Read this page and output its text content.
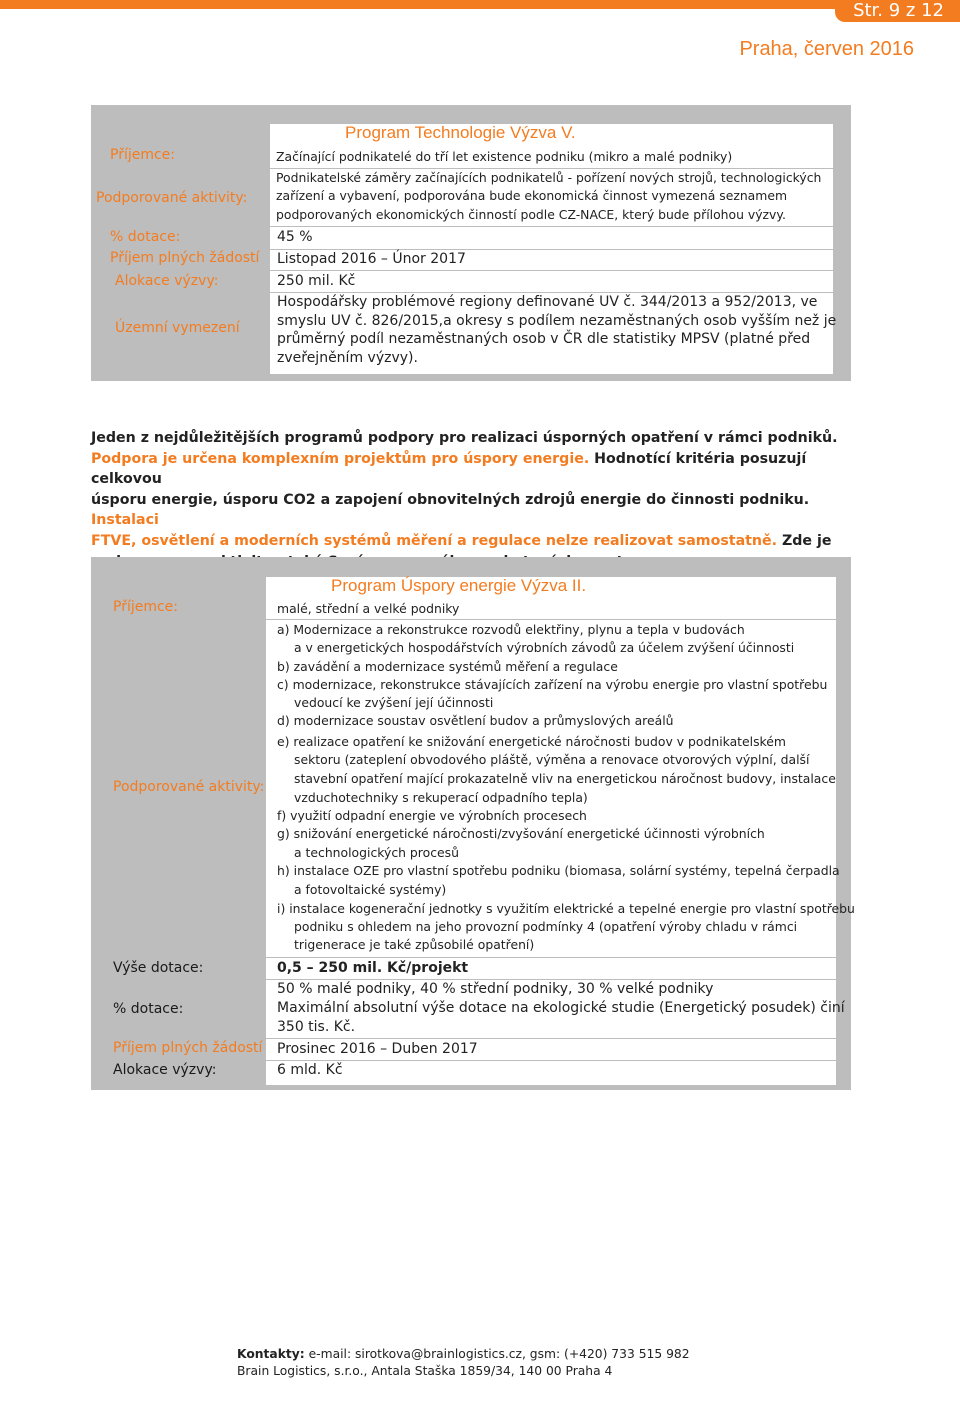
Str. 9 z 12
Praha, červen 2016
Program Technologie Výzva V.
Příjemce:	Začínající podnikatelé do tří let existence podniku (mikro a malé podniky)
Podporované aktivity:
Podnikatelské záměry začínajících podnikatelů - pořízení nových strojů, technologických
zařízení a vybavení, podporována bude ekonomická činnost vymezená seznamem
podporovaných ekonomických činností podle CZ-NACE, který bude přílohou výzvy.
% dotace:	45 %
Příjem plných žádostí Listopad 2016 – Únor 2017
Alokace výzvy:	250 mil. Kč
Územní vymezení
Hospodářsky problémové regiony definované UV č. 344/2013 a 952/2013, ve
smyslu UV č. 826/2015,a okresy s podílem nezaměstnaných osob vyšším než je
průměrný podíl nezaměstnaných osob v ČR dle statistiky MPSV (platné před
zveřejněním výzvy).
Jeden z nejdůležitějších programů podpory pro realizaci úsporných opatření v rámci podniků.
Podpora je určena komplexním projektům pro úspory energie. Hodnotící kritéria posuzují celkovou
úsporu energie, úsporu CO2 a zapojení obnovitelných zdrojů energie do činnosti podniku. Instalaci
FTVE, osvětlení a moderních systémů měření a regulace nelze realizovat samostatně. Zde je
Program Úspory energie Výzva II.
Příjemce:	malé, střední a velké podniky
Podporované aktivity:
a) Modernizace a rekonstrukce rozvodů elektřiny, plynu a tepla v budovách
a v energetických hospodářstvích výrobních závodů za účelem zvýšení účinnosti
b) zavádění a modernizace systémů měření a regulace
c) modernizace, rekonstrukce stávajících zařízení na výrobu energie pro vlastní spotřebu
vedoucí ke zvýšení její účinnosti
d) modernizace soustav osvětlení budov a průmyslových areálů
e) realizace opatření ke snižování energetické náročnosti budov v podnikatelském
sektoru (zateplení obvodového pláště, výměna a renovace otvorových výplní, další
stavební opatření mající prokazatelně vliv na energetickou náročnost budovy, instalace
vzduchotechniky s rekuperací odpadního tepla)
f) využití odpadní energie ve výrobních procesech
g) snižování energetické náročnosti/zvyšování energetické účinnosti výrobních
a technologických procesů
h) instalace OZE pro vlastní spotřebu podniku (biomasa, solární systémy, tepelná čerpadla
a fotovoltaické systémy)
i) instalace kogenerační jednotky s využitím elektrické a tepelné energie pro vlastní spotřebu
podniku s ohledem na jeho provozní podmínky 4 (opatření výroby chladu v rámci
trigenerace je také způsobilé opatření)
Výše dotace:	0,5 – 250 mil. Kč/projekt
% dotace:
50 % malé podniky, 40 % střední podniky, 30 % velké podniky
Maximální absolutní výše dotace na ekologické studie (Energetický posudek) činí
350 tis. Kč.
Příjem plných žádostí Prosinec 2016 – Duben 2017
Alokace výzvy:	6 mld. Kč
Kontakty: e-mail: sirotkova@brainlogistics.cz, gsm: (+420) 733 515 982
Brain Logistics, s.r.o., Antala Staška 1859/34, 140 00 Praha 4
